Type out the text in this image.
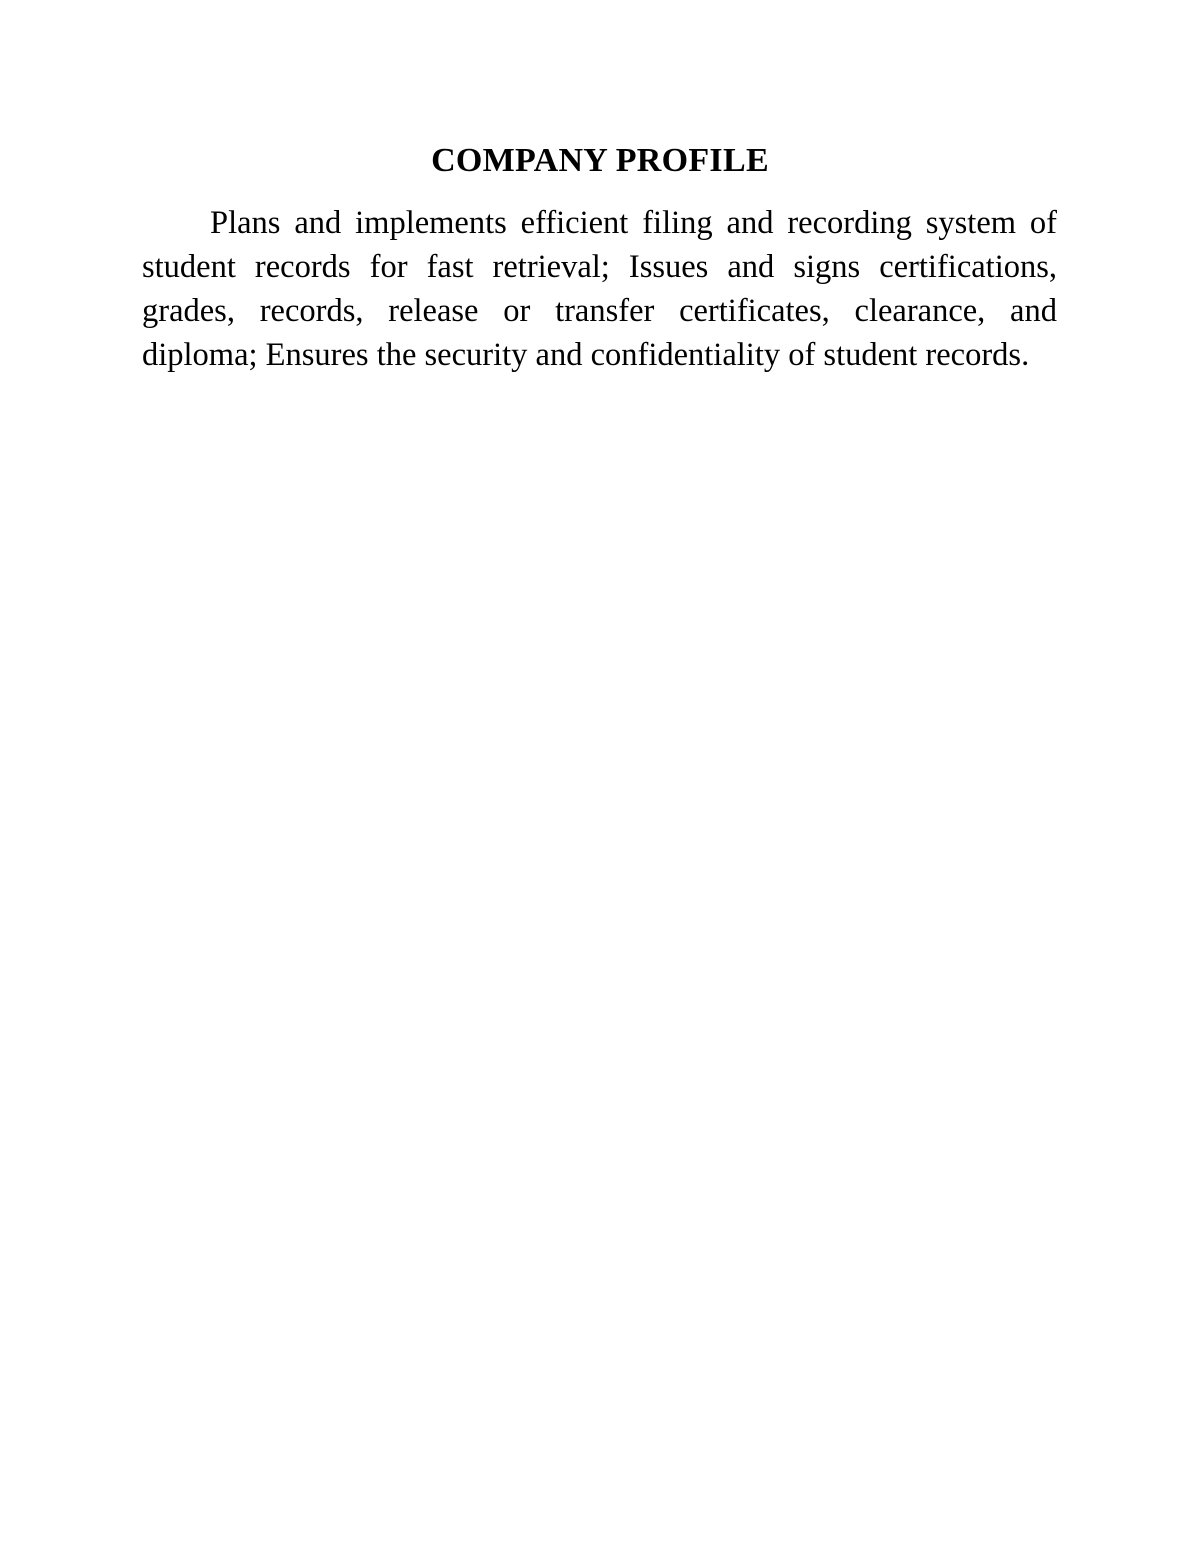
COMPANY PROFILE

Plans and implements efficient filing and recording system of student records for fast retrieval; Issues and signs certifications, grades, records, release or transfer certificates, clearance, and diploma; Ensures the security and confidentiality of student records.
